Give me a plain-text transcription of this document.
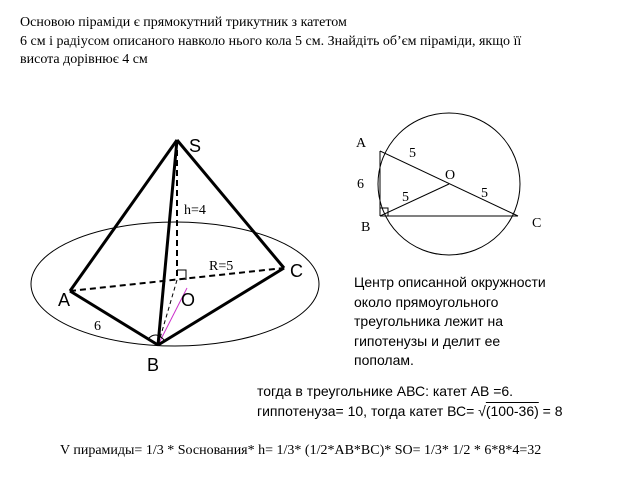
Основою піраміди є прямокутний трикутник з катетом
6 см і радіусом описаного навколо нього кола 5 см. Знайдіть об’єм піраміди, якщо її
висота дорівнює 4 см
S
A
B
C
O
h=4
R=5
6
A
B	C
O
6
5
5	5
Центр описанной окружности
около прямоугольного
треугольника лежит на
гипотенузы и делит ее
пополам.
тогда в треугольнике АВС: катет АВ =6.
гиппотенуза= 10, тогда катет ВС= √(100-36) = 8
V пирамиды= 1/3 * Sоснования* h= 1/3* (1/2*AB*BC)* SO= 1/3* 1/2 * 6*8*4=32
